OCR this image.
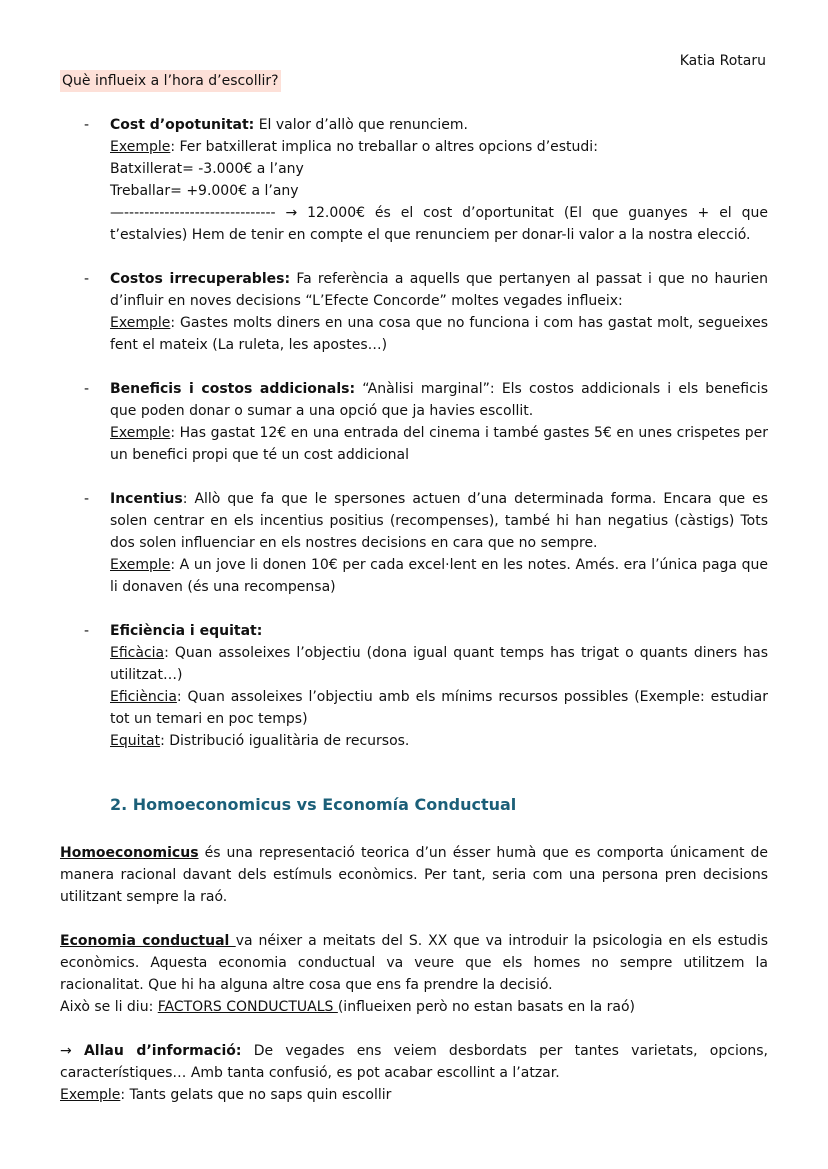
Katia Rotaru
Què influeix a l’hora d’escollir?
- Cost d’opotunitat: El valor d’allò que renunciem.
Exemple: Fer batxillerat implica no treballar o altres opcions d’estudi:
Batxillerat= -3.000€ a l’any
Treballar= +9.000€ a l’any
—------------------------------ → 12.000€ és el cost d’oportunitat (El que guanyes + el que t’estalvies) Hem de tenir en compte el que renunciem per donar-li valor a la nostra elecció.
- Costos irrecuperables: Fa referència a aquells que pertanyen al passat i que no haurien d’influir en noves decisions “L’Efecte Concorde” moltes vegades influeix:
Exemple: Gastes molts diners en una cosa que no funciona i com has gastat molt, segueixes fent el mateix (La ruleta, les apostes…)
- Beneficis i costos addicionals: “Anàlisi marginal”: Els costos addicionals i els beneficis que poden donar o sumar a una opció que ja havies escollit.
Exemple: Has gastat 12€ en una entrada del cinema i també gastes 5€ en unes crispetes per un benefici propi que té un cost addicional
- Incentius: Allò que fa que le spersones actuen d’una determinada forma. Encara que es solen centrar en els incentius positius (recompenses), també hi han negatius (càstigs) Tots dos solen influenciar en els nostres decisions en cara que no sempre.
Exemple: A un jove li donen 10€ per cada excel·lent en les notes. Amés. era l’única paga que li donaven (és una recompensa)
- Eficiència i equitat:
Eficàcia: Quan assoleixes l’objectiu (dona igual quant temps has trigat o quants diners has utilitzat…)
Eficiència: Quan assoleixes l’objectiu amb els mínims recursos possibles (Exemple: estudiar tot un temari en poc temps)
Equitat: Distribució igualitària de recursos.
2. Homoeconomicus vs Economía Conductual
Homoeconomicus és una representació teorica d’un ésser humà que es comporta únicament de manera racional davant dels estímuls econòmics. Per tant, seria com una persona pren decisions utilitzant sempre la raó.
Economia conductual va néixer a meitats del S. XX que va introduir la psicologia en els estudis econòmics. Aquesta economia conductual va veure que els homes no sempre utilitzem la racionalitat. Que hi ha alguna altre cosa que ens fa prendre la decisió.
Això se li diu: FACTORS CONDUCTUALS (influeixen però no estan basats en la raó)
→ Allau d’informació: De vegades ens veiem desbordats per tantes varietats, opcions, característiques… Amb tanta confusió, es pot acabar escollint a l’atzar.
Exemple: Tants gelats que no saps quin escollir
